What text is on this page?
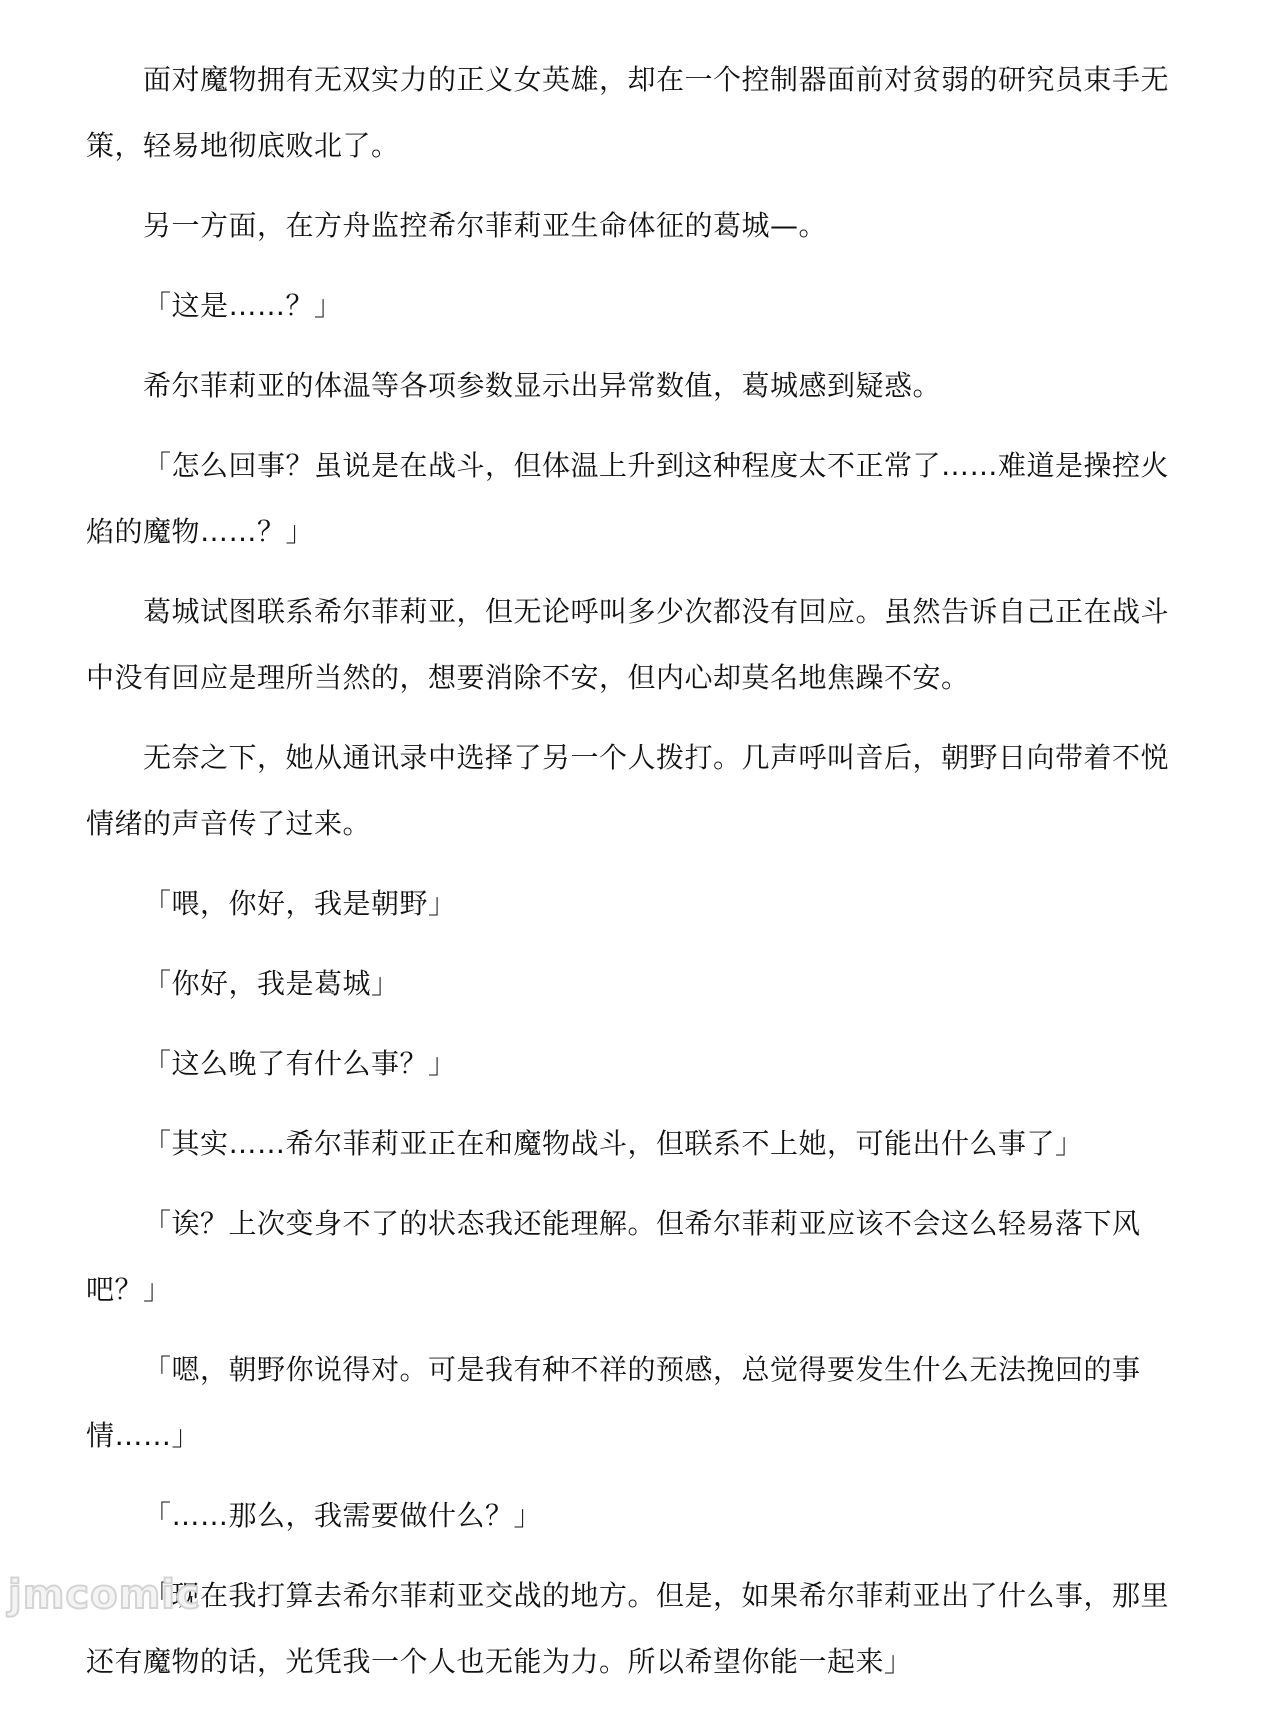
面对魔物拥有无双实力的正义女英雄，却在一个控制器面前对贫弱的研究员束手无策，轻易地彻底败北了。

另一方面，在方舟监控希尔菲莉亚生命体征的葛城—。

「这是……？」

希尔菲莉亚的体温等各项参数显示出异常数值，葛城感到疑惑。

「怎么回事？虽说是在战斗，但体温上升到这种程度太不正常了……难道是操控火焰的魔物……？」

葛城试图联系希尔菲莉亚，但无论呼叫多少次都没有回应。虽然告诉自己正在战斗中没有回应是理所当然的，想要消除不安，但内心却莫名地焦躁不安。

无奈之下，她从通讯录中选择了另一个人拨打。几声呼叫音后，朝野日向带着不悦情绪的声音传了过来。

「喂，你好，我是朝野」

「你好，我是葛城」

「这么晚了有什么事？」

「其实……希尔菲莉亚正在和魔物战斗，但联系不上她，可能出什么事了」

「诶？上次变身不了的状态我还能理解。但希尔菲莉亚应该不会这么轻易落下风吧？」

「嗯，朝野你说得对。可是我有种不祥的预感，总觉得要发生什么无法挽回的事情……」

「……那么，我需要做什么？」

「现在我打算去希尔菲莉亚交战的地方。但是，如果希尔菲莉亚出了什么事，那里还有魔物的话，光凭我一个人也无能为力。所以希望你能一起来」

jmcomic
